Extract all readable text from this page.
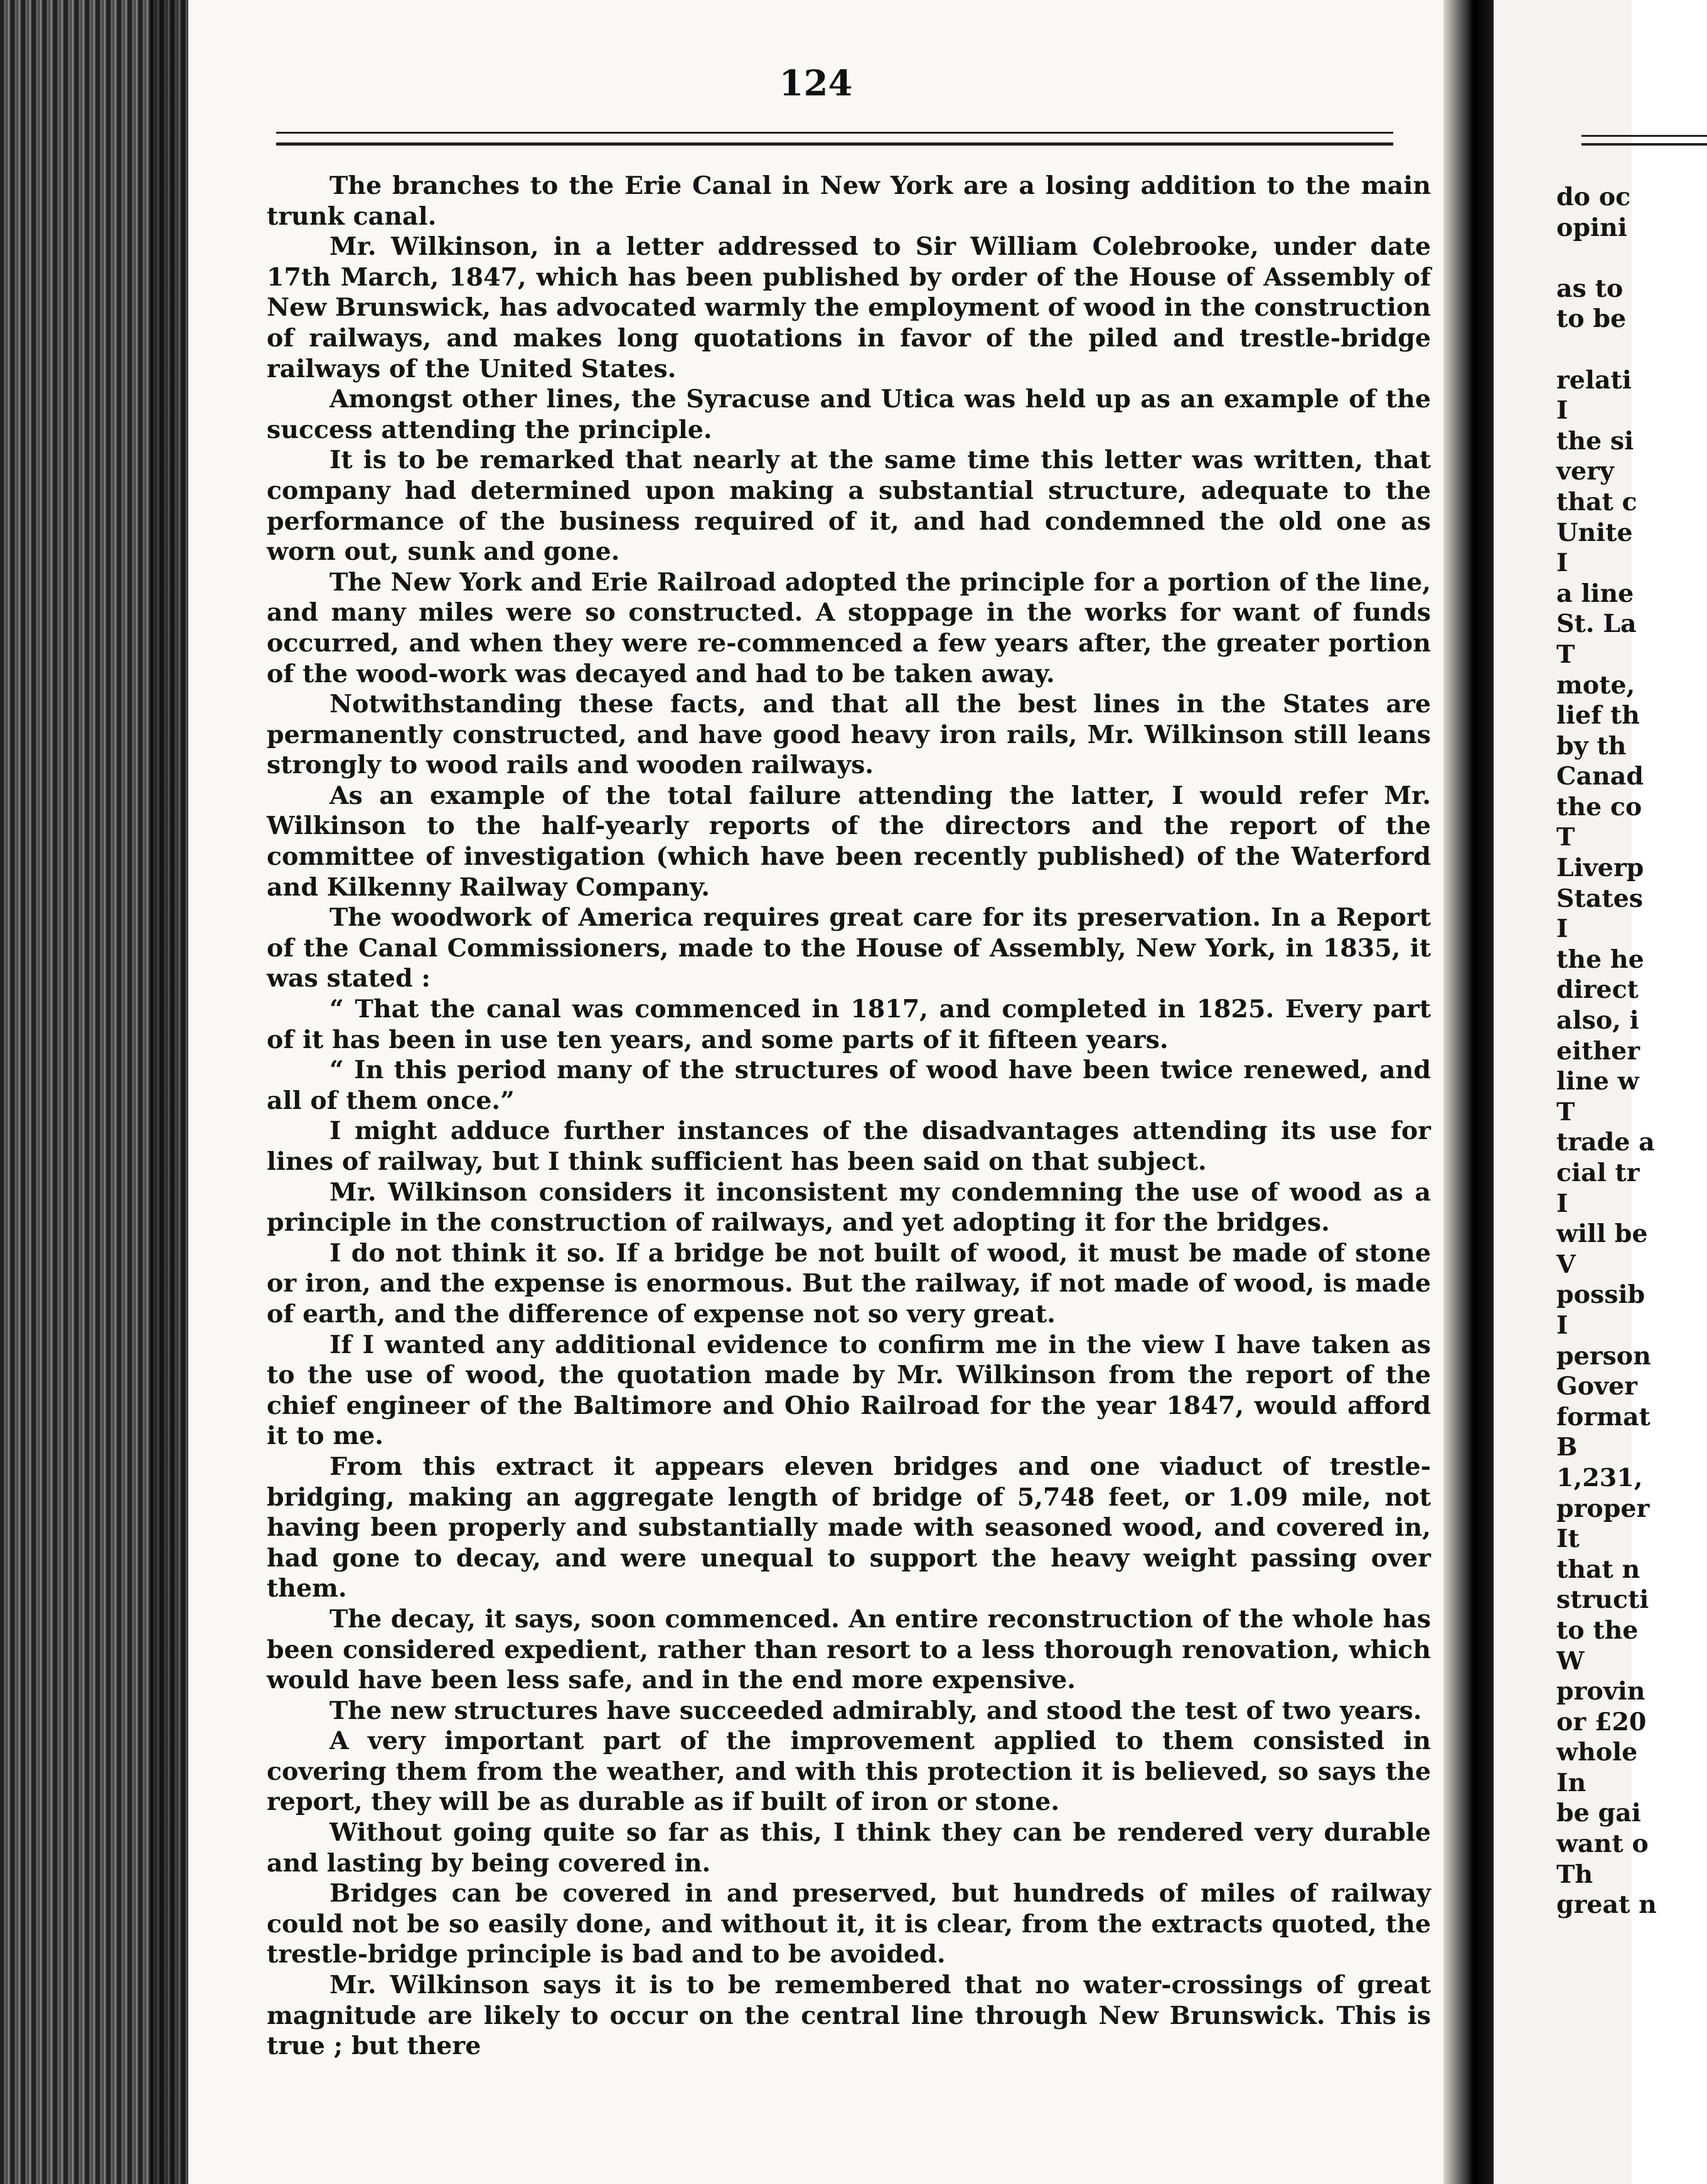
124

The branches to the Erie Canal in New York are a losing addition to the main trunk canal.

Mr. Wilkinson, in a letter addressed to Sir William Colebrooke, under date 17th March, 1847, which has been published by order of the House of Assembly of New Brunswick, has advocated warmly the employment of wood in the construction of railways, and makes long quotations in favor of the piled and trestle-bridge railways of the United States.

Amongst other lines, the Syracuse and Utica was held up as an example of the success attending the principle.

It is to be remarked that nearly at the same time this letter was written, that company had determined upon making a substantial structure, adequate to the performance of the business required of it, and had condemned the old one as worn out, sunk and gone.

The New York and Erie Railroad adopted the principle for a portion of the line, and many miles were so constructed. A stoppage in the works for want of funds occurred, and when they were re-commenced a few years after, the greater portion of the wood-work was decayed and had to be taken away.

Notwithstanding these facts, and that all the best lines in the States are permanently constructed, and have good heavy iron rails, Mr. Wilkinson still leans strongly to wood rails and wooden railways.

As an example of the total failure attending the latter, I would refer Mr. Wilkinson to the half-yearly reports of the directors and the report of the committee of investigation (which have been recently published) of the Waterford and Kilkenny Railway Company.

The woodwork of America requires great care for its preservation. In a Report of the Canal Commissioners, made to the House of Assembly, New York, in 1835, it was stated :

“ That the canal was commenced in 1817, and completed in 1825. Every part of it has been in use ten years, and some parts of it fifteen years.

“ In this period many of the structures of wood have been twice renewed, and all of them once.”

I might adduce further instances of the disadvantages attending its use for lines of railway, but I think sufficient has been said on that subject.

Mr. Wilkinson considers it inconsistent my condemning the use of wood as a principle in the construction of railways, and yet adopting it for the bridges.

I do not think it so. If a bridge be not built of wood, it must be made of stone or iron, and the expense is enormous. But the railway, if not made of wood, is made of earth, and the difference of expense not so very great.

If I wanted any additional evidence to confirm me in the view I have taken as to the use of wood, the quotation made by Mr. Wilkinson from the report of the chief engineer of the Baltimore and Ohio Railroad for the year 1847, would afford it to me.

From this extract it appears eleven bridges and one viaduct of trestle-bridging, making an aggregate length of bridge of 5,748 feet, or 1.09 mile, not having been properly and substantially made with seasoned wood, and covered in, had gone to decay, and were unequal to support the heavy weight passing over them.

The decay, it says, soon commenced. An entire reconstruction of the whole has been considered expedient, rather than resort to a less thorough renovation, which would have been less safe, and in the end more expensive.

The new structures have succeeded admirably, and stood the test of two years.

A very important part of the improvement applied to them consisted in covering them from the weather, and with this protection it is believed, so says the report, they will be as durable as if built of iron or stone.

Without going quite so far as this, I think they can be rendered very durable and lasting by being covered in.

Bridges can be covered in and preserved, but hundreds of miles of railway could not be so easily done, and without it, it is clear, from the extracts quoted, the trestle-bridge principle is bad and to be avoided.

Mr. Wilkinson says it is to be remembered that no water-crossings of great magnitude are likely to occur on the central line through New Brunswick. This is true ; but there

do oc
opini
as to
to be
relati
I
the si
very
that c
Unite
I
a line
St. La
T
mote,
lief th
by th
Canad
the co
T
Liverp
States
I
the he
direct
also, i
either
line w
T
trade a
cial tr
I
will be
V
possib
I
person
Gover
format
B
1,231,
proper
It
that n
structi
to the
W
provin
or £20
whole
In
be gai
want o
Th
great n
